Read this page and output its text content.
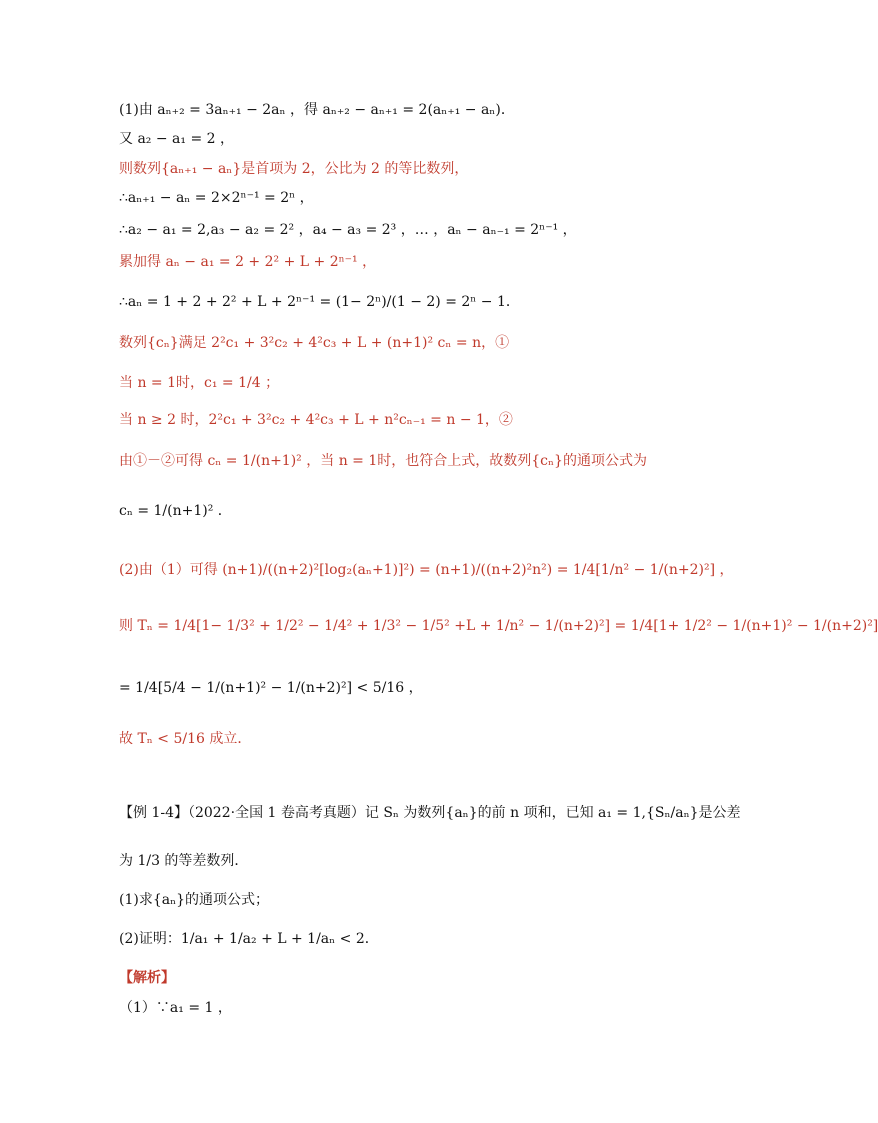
(1)由 aₙ₊₂ = 3aₙ₊₁ − 2aₙ ，得 aₙ₊₂ − aₙ₊₁ = 2(aₙ₊₁ − aₙ)．
又 a₂ − a₁ = 2 ，
则数列{aₙ₊₁ − aₙ}是首项为 2，公比为 2 的等比数列，
∴aₙ₊₁ − aₙ = 2×2ⁿ⁻¹ = 2ⁿ ，
∴a₂ − a₁ = 2,a₃ − a₂ = 2² ，a₄ − a₃ = 2³ ，… ，aₙ − aₙ₋₁ = 2ⁿ⁻¹ ，
累加得 aₙ − a₁ = 2 + 2² + L + 2ⁿ⁻¹ ，
∴aₙ = 1 + 2 + 2² + L + 2ⁿ⁻¹ = (1− 2ⁿ)/(1 − 2) = 2ⁿ − 1．
数列{cₙ}满足 2²c₁ + 3²c₂ + 4²c₃ + L + (n+1)² cₙ = n，①
当 n = 1时，c₁ = 1/4 ；
当 n ≥ 2 时，2²c₁ + 3²c₂ + 4²c₃ + L + n²cₙ₋₁ = n − 1，②
由①－②可得 cₙ = 1/(n+1)² ，当 n = 1时，也符合上式，故数列{cₙ}的通项公式为
cₙ = 1/(n+1)² ．
(2)由（1）可得 (n+1)/((n+2)²[log₂(aₙ+1)]²) = (n+1)/((n+2)²n²) = 1/4[1/n² − 1/(n+2)²] ，
则 Tₙ = 1/4[1− 1/3² + 1/2² − 1/4² + 1/3² − 1/5² +L + 1/n² − 1/(n+2)²] = 1/4[1+ 1/2² − 1/(n+1)² − 1/(n+2)²]
= 1/4[5/4 − 1/(n+1)² − 1/(n+2)²] < 5/16 ，
故 Tₙ < 5/16 成立．
【例 1-4】（2022·全国 1 卷高考真题）记 Sₙ 为数列{aₙ}的前 n 项和，已知 a₁ = 1,{Sₙ/aₙ}是公差
为 1/3 的等差数列．
(1)求{aₙ}的通项公式；
(2)证明：1/a₁ + 1/a₂ + L + 1/aₙ < 2．
【解析】
（1）∵a₁ = 1 ，
